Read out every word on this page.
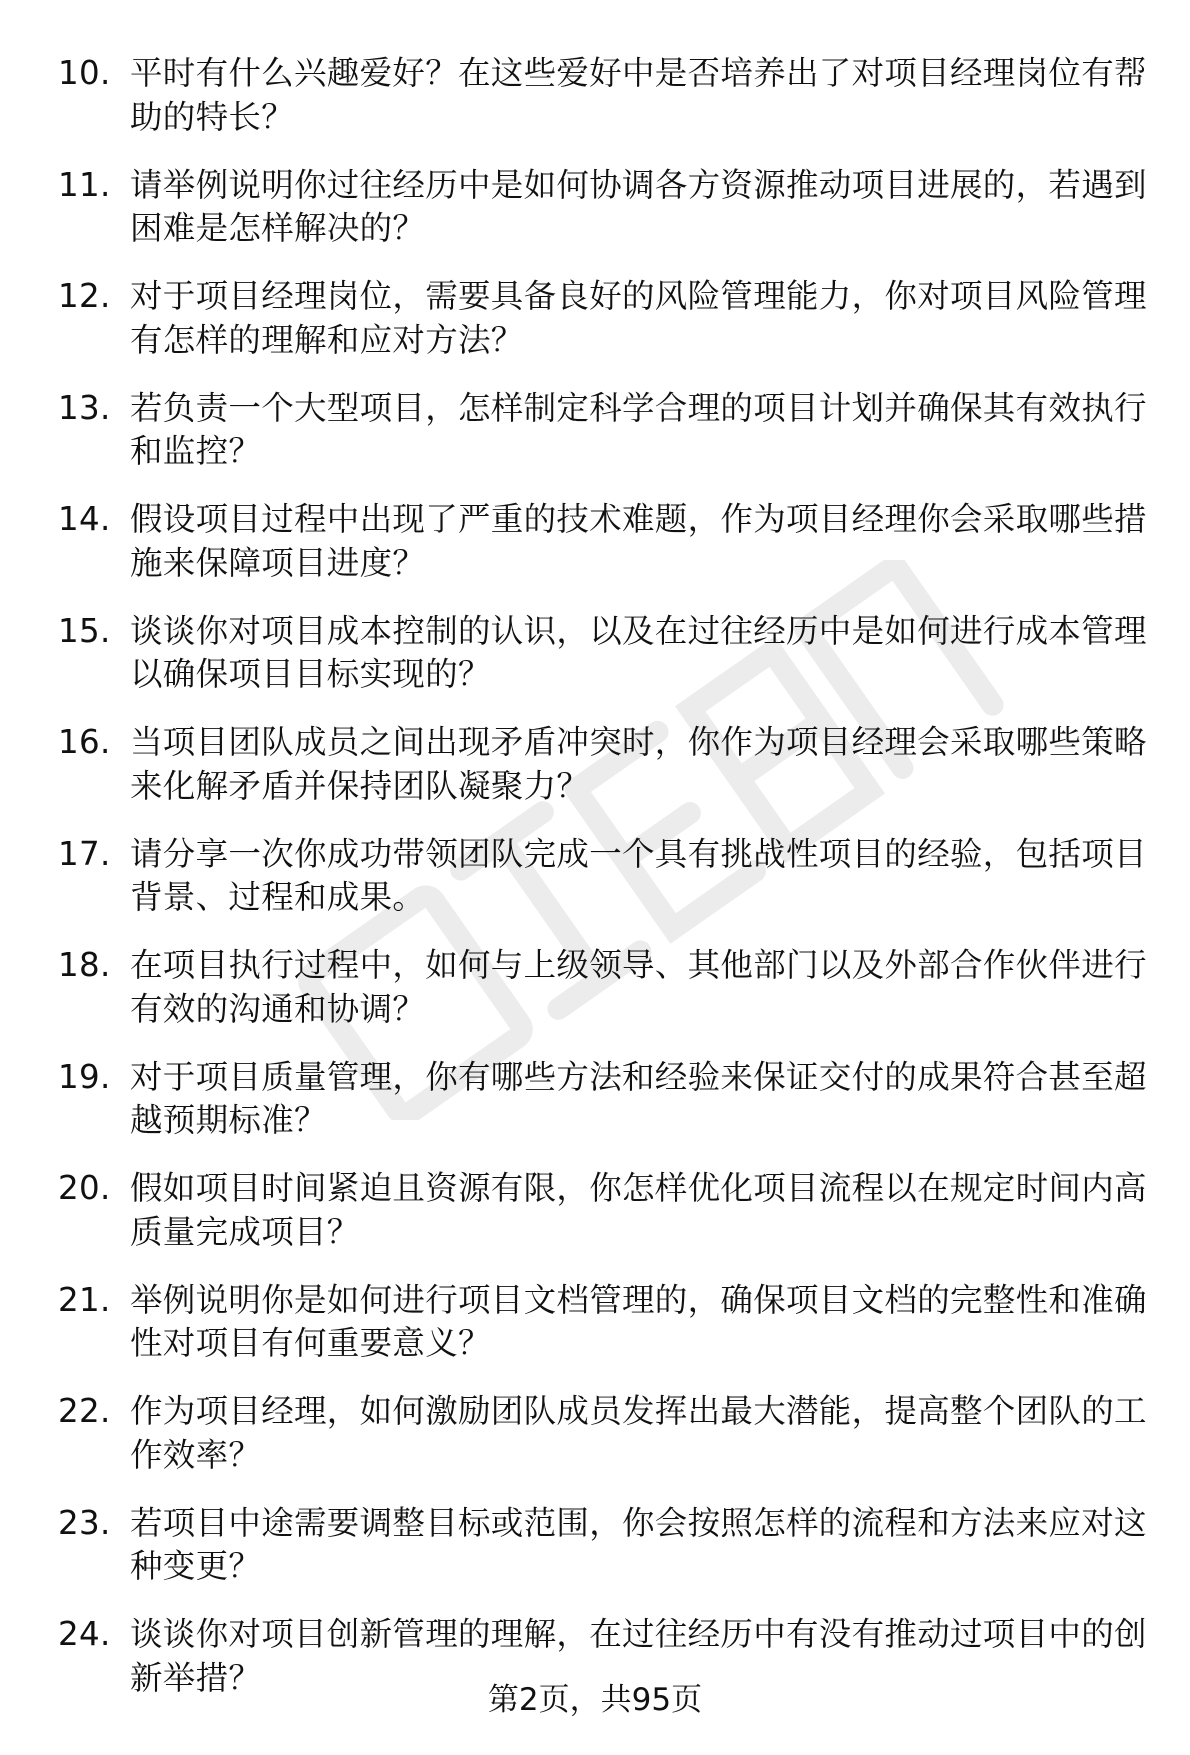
10. 平时有什么兴趣爱好？在这些爱好中是否培养出了对项目经理岗位有帮助的特长？
11. 请举例说明你过往经历中是如何协调各方资源推动项目进展的，若遇到困难是怎样解决的？
12. 对于项目经理岗位，需要具备良好的风险管理能力，你对项目风险管理有怎样的理解和应对方法？
13. 若负责一个大型项目，怎样制定科学合理的项目计划并确保其有效执行和监控？
14. 假设项目过程中出现了严重的技术难题，作为项目经理你会采取哪些措施来保障项目进度？
15. 谈谈你对项目成本控制的认识，以及在过往经历中是如何进行成本管理以确保项目目标实现的？
16. 当项目团队成员之间出现矛盾冲突时，你作为项目经理会采取哪些策略来化解矛盾并保持团队凝聚力？
17. 请分享一次你成功带领团队完成一个具有挑战性项目的经验，包括项目背景、过程和成果。
18. 在项目执行过程中，如何与上级领导、其他部门以及外部合作伙伴进行有效的沟通和协调？
19. 对于项目质量管理，你有哪些方法和经验来保证交付的成果符合甚至超越预期标准？
20. 假如项目时间紧迫且资源有限，你怎样优化项目流程以在规定时间内高质量完成项目？
21. 举例说明你是如何进行项目文档管理的，确保项目文档的完整性和准确性对项目有何重要意义？
22. 作为项目经理，如何激励团队成员发挥出最大潜能，提高整个团队的工作效率？
23. 若项目中途需要调整目标或范围，你会按照怎样的流程和方法来应对这种变更？
24. 谈谈你对项目创新管理的理解，在过往经历中有没有推动过项目中的创新举措？
第2页，共95页
